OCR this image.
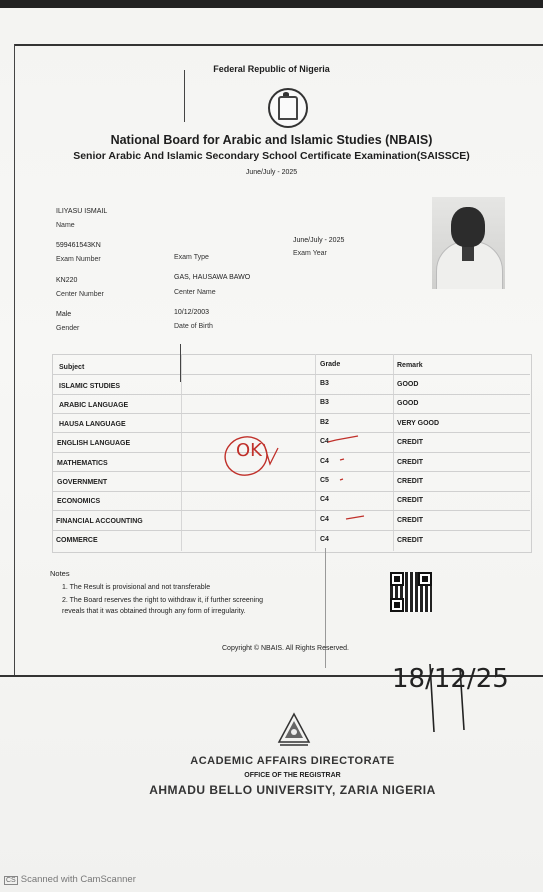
Federal Republic of Nigeria
National Board for Arabic and Islamic Studies (NBAIS)
Senior Arabic And Islamic Secondary School Certificate Examination(SAISSCE)
June/July - 2025
ILIYASU ISMAIL
Name
599461543KN
Exam Number	Exam Type
June/July - 2025
Exam Year
KN220
Center Number
GAS, HAUSAWA BAWO
Center Name
Male
Gender
10/12/2003
Date of Birth
Subject	Grade	Remark
ISLAMIC STUDIES	B3	GOOD
ARABIC LANGUAGE	B3	GOOD
HAUSA LANGUAGE	B2	VERY GOOD
ENGLISH LANGUAGE	C4	CREDIT
MATHEMATICS	C4	CREDIT
GOVERNMENT	C5	CREDIT
ECONOMICS	C4	CREDIT
FINANCIAL ACCOUNTING	C4	CREDIT
COMMERCE	C4	CREDIT
OK
Notes
1. The Result is provisional and not transferable
2. The Board reserves the right to withdraw it, if further screening reveals that it was obtained through any form of irregularity.
Copyright © NBAIS. All Rights Reserved.
18/12/25
ACADEMIC AFFAIRS DIRECTORATE
OFFICE OF THE REGISTRAR
AHMADU BELLO UNIVERSITY, ZARIA NIGERIA
CS Scanned with CamScanner
